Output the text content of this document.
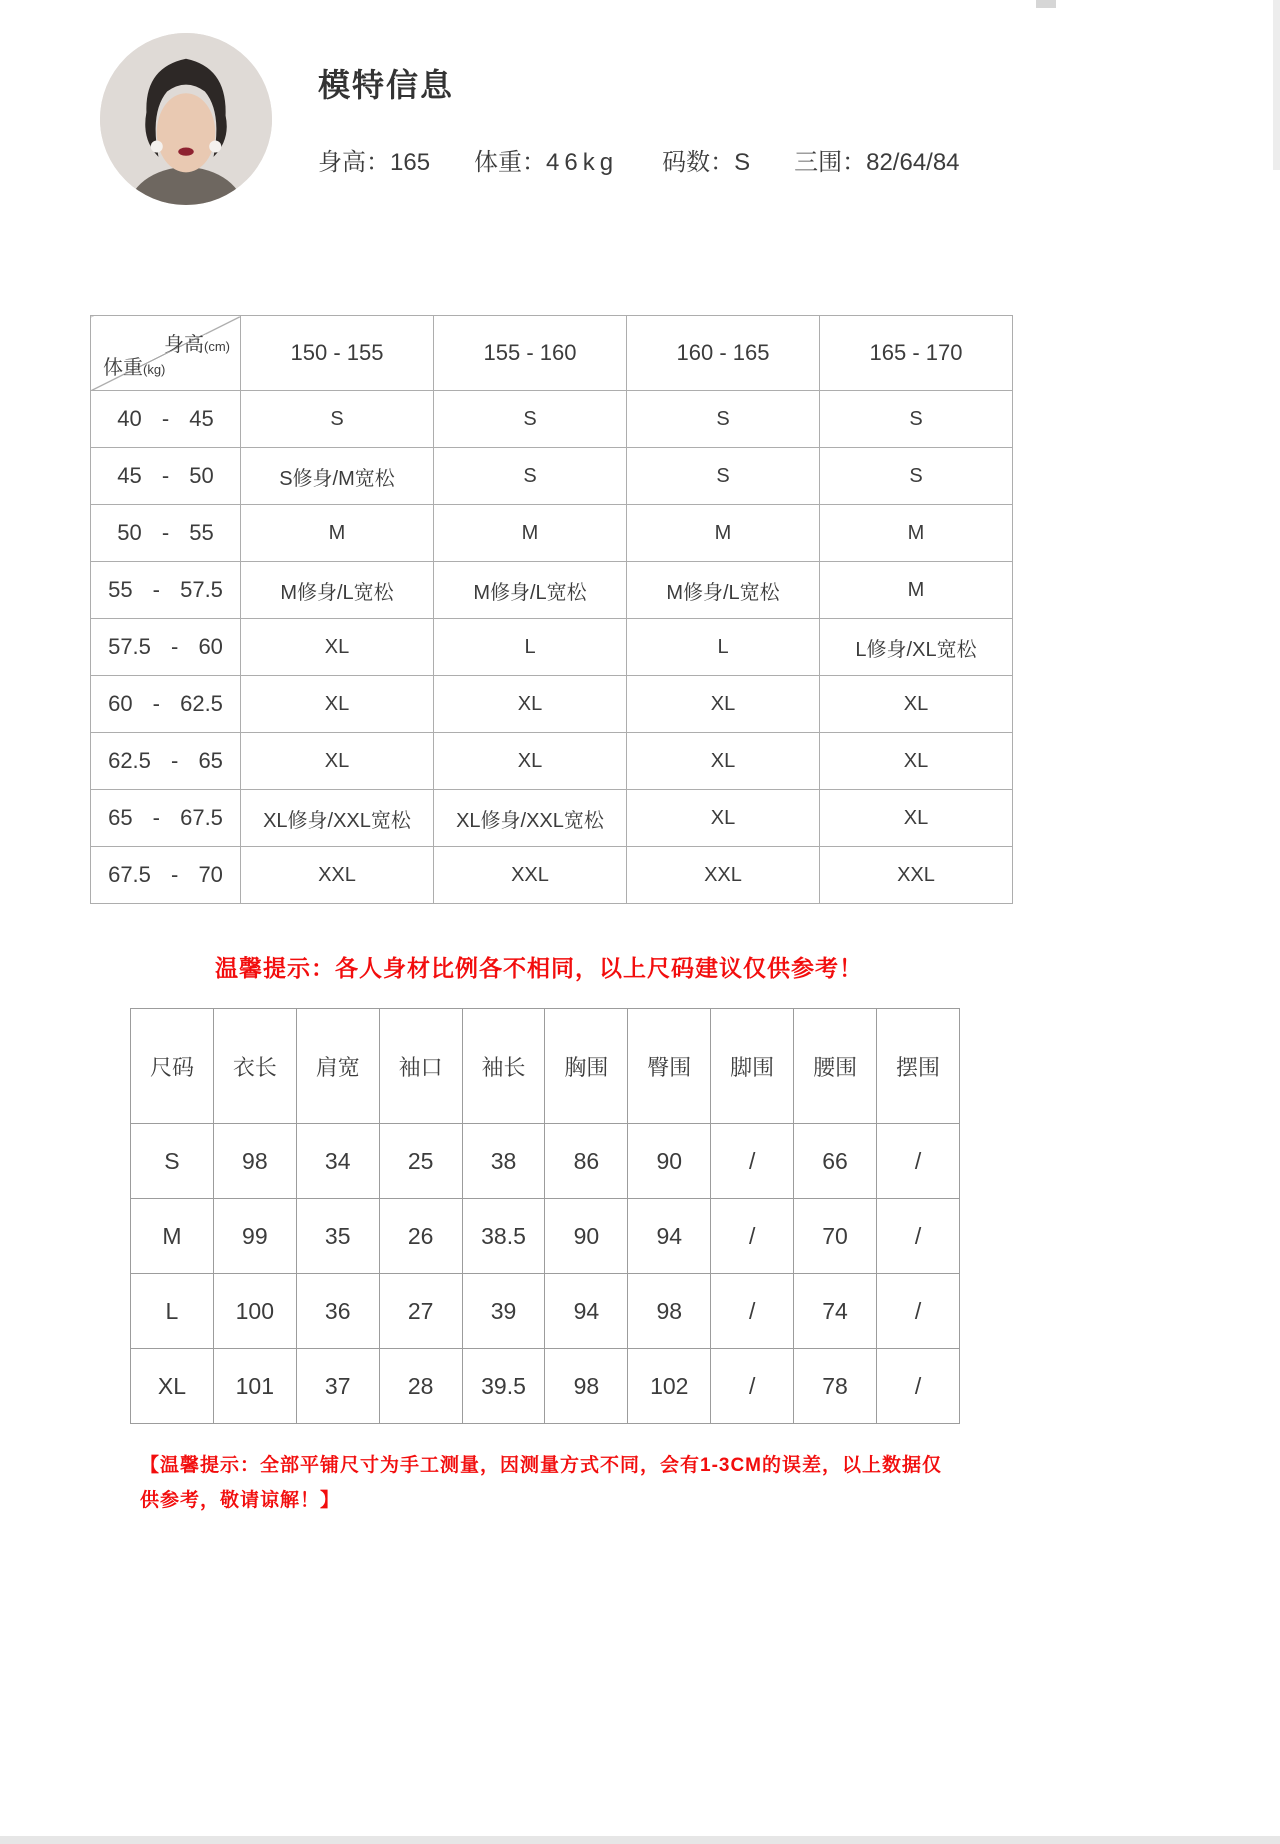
模特信息
身高：165 体重：46kg 码数：S 三围：82/64/84
身高(cm)
体重(kg)	150 - 155	155 - 160	160 - 165	165 - 170
40 - 45	S	S	S	S
45 - 50	S修身/M宽松	S	S	S
50 - 55	M	M	M	M
55 - 57.5	M修身/L宽松	M修身/L宽松	M修身/L宽松	M
57.5 - 60	XL	L	L	L修身/XL宽松
60 - 62.5	XL	XL	XL	XL
62.5 - 65	XL	XL	XL	XL
65 - 67.5	XL修身/XXL宽松	XL修身/XXL宽松	XL	XL
67.5 - 70	XXL	XXL	XXL	XXL
温馨提示：各人身材比例各不相同，以上尺码建议仅供参考！
尺码	衣长	肩宽	袖口	袖长	胸围	臀围	脚围	腰围	摆围
S	98	34	25	38	86	90	/	66	/
M	99	35	26	38.5	90	94	/	70	/
L	100	36	27	39	94	98	/	74	/
XL	101	37	28	39.5	98	102	/	78	/
【温馨提示：全部平铺尺寸为手工测量，因测量方式不同，会有1-3CM的误差，以上数据仅供参考，敬请谅解！】
